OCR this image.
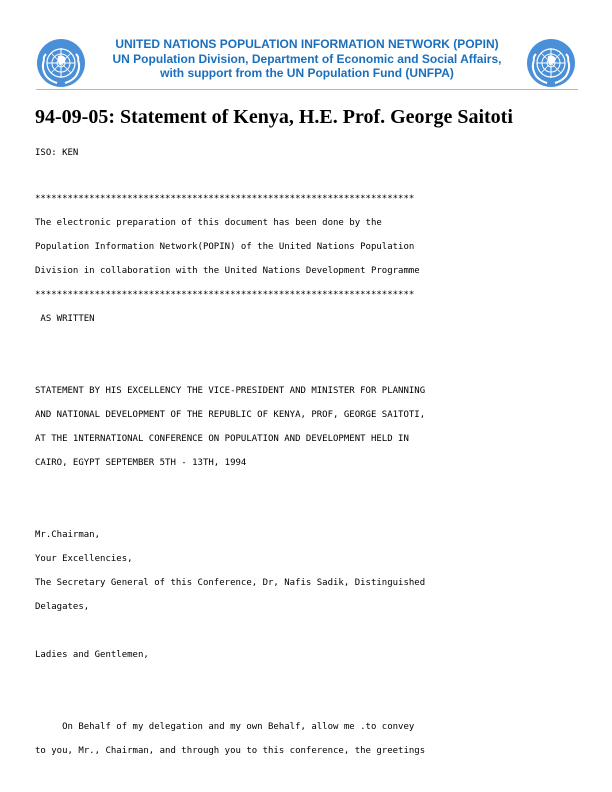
UNITED NATIONS POPULATION INFORMATION NETWORK (POPIN)
UN Population Division, Department of Economic and Social Affairs,
with support from the UN Population Fund (UNFPA)
94-09-05: Statement of Kenya, H.E. Prof. George Saitoti
ISO: KEN
**********************************************************************
The electronic preparation of this document has been done by the
Population Information Network(POPIN) of the United Nations Population
Division in collaboration with the United Nations Development Programme
**********************************************************************
AS WRITTEN
STATEMENT BY HIS EXCELLENCY THE VICE-PRESIDENT AND MINISTER FOR PLANNING
AND NATIONAL DEVELOPMENT OF THE REPUBLIC OF KENYA, PROF, GEORGE SA1TOTI,
AT THE 1NTERNATIONAL CONFERENCE ON POPULATION AND DEVELOPMENT HELD IN
CAIRO, EGYPT SEPTEMBER 5TH - 13TH, 1994
Mr.Chairman,
Your Excellencies,
The Secretary General of this Conference, Dr, Nafis Sadik, Distinguished
Delagates,
Ladies and Gentlemen,
On Behalf of my delegation and my own Behalf, allow me .to convey
to you, Mr., Chairman, and through you to this conference, the greetings
